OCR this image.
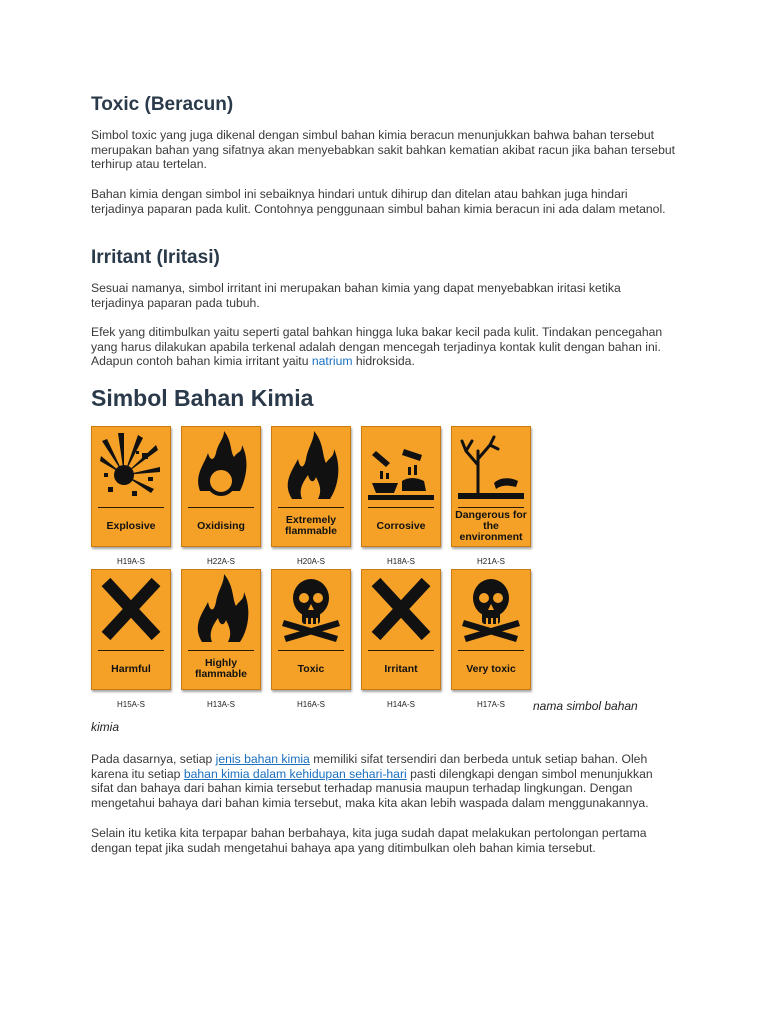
Toxic (Beracun)

Simbol toxic yang juga dikenal dengan simbul bahan kimia beracun menunjukkan bahwa bahan tersebut merupakan bahan yang sifatnya akan menyebabkan sakit bahkan kematian akibat racun jika bahan tersebut terhirup atau tertelan.

Bahan kimia dengan simbol ini sebaiknya hindari untuk dihirup dan ditelan atau bahkan juga hindari terjadinya paparan pada kulit. Contohnya penggunaan simbul bahan kimia beracun ini ada dalam metanol.

Irritant (Iritasi)

Sesuai namanya, simbol irritant ini merupakan bahan kimia yang dapat menyebabkan iritasi ketika terjadinya paparan pada tubuh.

Efek yang ditimbulkan yaitu seperti gatal bahkan hingga luka bakar kecil pada kulit. Tindakan pencegahan yang harus dilakukan apabila terkenal adalah dengan mencegah terjadinya kontak kulit dengan bahan ini. Adapun contoh bahan kimia irritant yaitu natrium hidroksida.

Simbol Bahan Kimia
Explosive	Oxidising	Extremely flammable	Corrosive
Dangerous for the environment
H19A-S	H22A-S	H20A-S	H18A-S	H21A-S
Harmful	Highly flammable	Toxic	Irritant	Very toxic
H15A-S	H13A-S	H16A-S	H14A-S	H17A-S	nama simbol bahan
kimia

Pada dasarnya, setiap jenis bahan kimia memiliki sifat tersendiri dan berbeda untuk setiap bahan. Oleh karena itu setiap bahan kimia dalam kehidupan sehari-hari pasti dilengkapi dengan simbol menunjukkan sifat dan bahaya dari bahan kimia tersebut terhadap manusia maupun terhadap lingkungan. Dengan mengetahui bahaya dari bahan kimia tersebut, maka kita akan lebih waspada dalam menggunakannya.

Selain itu ketika kita terpapar bahan berbahaya, kita juga sudah dapat melakukan pertolongan pertama dengan tepat jika sudah mengetahui bahaya apa yang ditimbulkan oleh bahan kimia tersebut.
